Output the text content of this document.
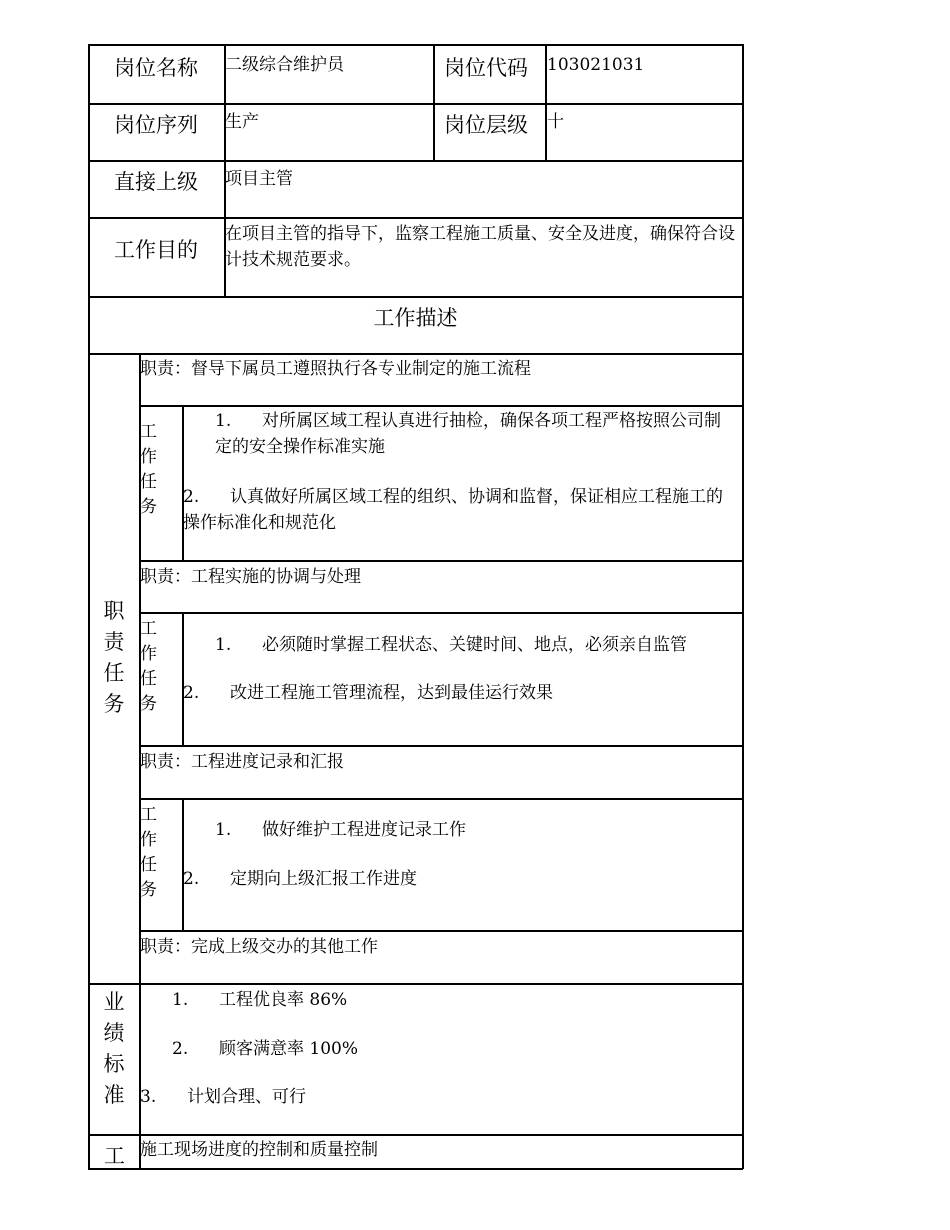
岗位名称 二级综合维护员	岗位代码 103021031
岗位序列 生产	岗位层级 十
直接上级 项目主管
工作目的
在项目主管的指导下，监察工程施工质量、安全及进度，确保符合设计技术规范要求。
工作描述
职责任务
职责：督导下属员工遵照执行各专业制定的施工流程
工作任务
1.	对所属区域工程认真进行抽检，确保各项工程严格按照公司制定的安全操作标准实施
2.	认真做好所属区域工程的组织、协调和监督，保证相应工程施工的操作标准化和规范化
职责：工程实施的协调与处理
工作任务
1.	必须随时掌握工程状态、关键时间、地点，必须亲自监管
2.	改进工程施工管理流程，达到最佳运行效果
职责：工程进度记录和汇报
工作任务
1.	做好维护工程进度记录工作
2.	定期向上级汇报工作进度
职责：完成上级交办的其他工作
业绩标准
1.	工程优良率 86%
2.	顾客满意率 100%
3.	计划合理、可行
工 施工现场进度的控制和质量控制
